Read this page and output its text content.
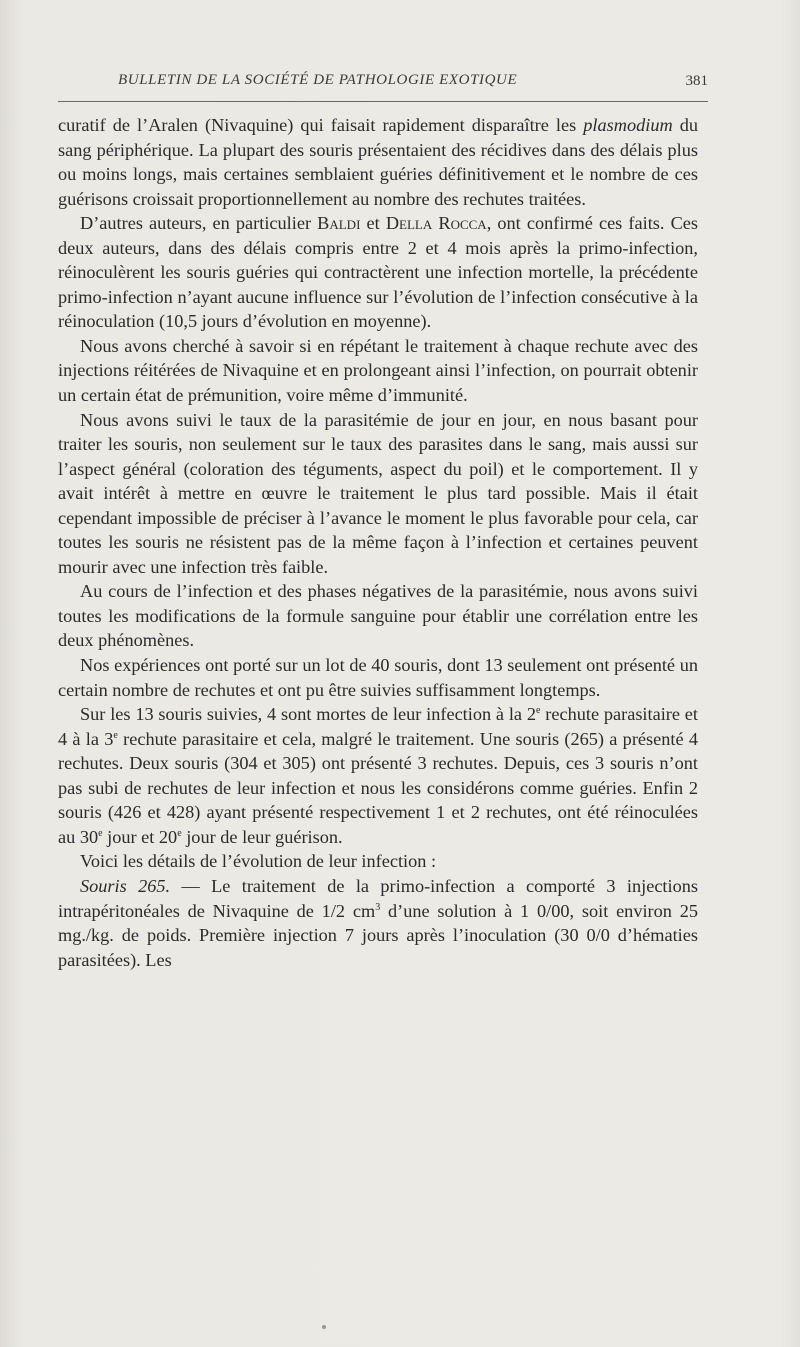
BULLETIN DE LA SOCIÉTÉ DE PATHOLOGIE EXOTIQUE	381

curatif de l’Aralen (Nivaquine) qui faisait rapidement disparaître les plasmodium du sang périphérique. La plupart des souris présentaient des récidives dans des délais plus ou moins longs, mais certaines semblaient guéries définitivement et le nombre de ces guérisons croissait proportionnellement au nombre des rechutes traitées.

D’autres auteurs, en particulier Baldi et Della Rocca, ont confirmé ces faits. Ces deux auteurs, dans des délais compris entre 2 et 4 mois après la primo-infection, réinoculèrent les souris guéries qui contractèrent une infection mortelle, la précédente primo-infection n’ayant aucune influence sur l’évolution de l’infection consécutive à la réinoculation (10,5 jours d’évolution en moyenne).

Nous avons cherché à savoir si en répétant le traitement à chaque rechute avec des injections réitérées de Nivaquine et en prolongeant ainsi l’infection, on pourrait obtenir un certain état de prémunition, voire même d’immunité.

Nous avons suivi le taux de la parasitémie de jour en jour, en nous basant pour traiter les souris, non seulement sur le taux des parasites dans le sang, mais aussi sur l’aspect général (coloration des téguments, aspect du poil) et le comportement. Il y avait intérêt à mettre en œuvre le traitement le plus tard possible. Mais il était cependant impossible de préciser à l’avance le moment le plus favorable pour cela, car toutes les souris ne résistent pas de la même façon à l’infection et certaines peuvent mourir avec une infection très faible.

Au cours de l’infection et des phases négatives de la parasitémie, nous avons suivi toutes les modifications de la formule sanguine pour établir une corrélation entre les deux phénomènes.

Nos expériences ont porté sur un lot de 40 souris, dont 13 seulement ont présenté un certain nombre de rechutes et ont pu être suivies suffisamment longtemps.

Sur les 13 souris suivies, 4 sont mortes de leur infection à la 2e rechute parasitaire et 4 à la 3e rechute parasitaire et cela, malgré le traitement. Une souris (265) a présenté 4 rechutes. Deux souris (304 et 305) ont présenté 3 rechutes. Depuis, ces 3 souris n’ont pas subi de rechutes de leur infection et nous les considérons comme guéries. Enfin 2 souris (426 et 428) ayant présenté respectivement 1 et 2 rechutes, ont été réinoculées au 30e jour et 20e jour de leur guérison.

Voici les détails de l’évolution de leur infection :

Souris 265. — Le traitement de la primo-infection a comporté 3 injections intrapéritonéales de Nivaquine de 1/2 $cm^3$ d’une solution à 1 0/00, soit environ 25 mg./kg. de poids. Première injection 7 jours après l’inoculation (30 0/0 d’hématies parasitées). Les
